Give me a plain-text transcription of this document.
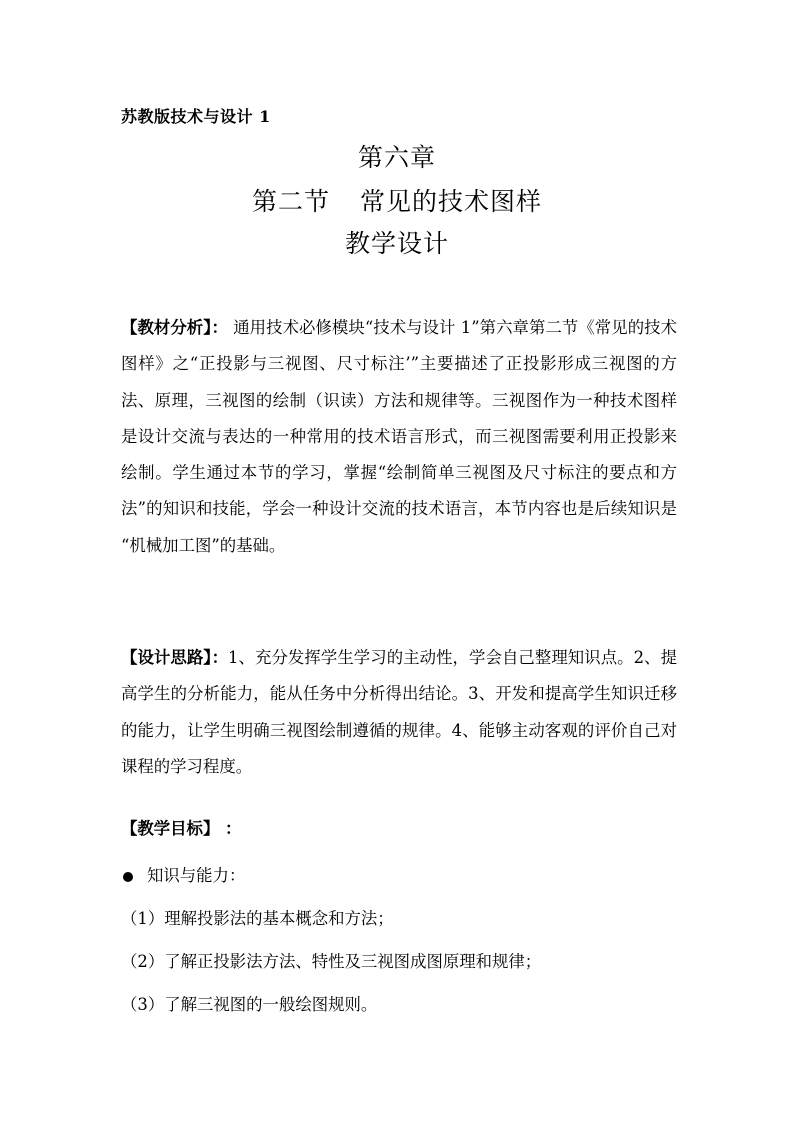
苏教版技术与设计 1
第六章
第二节 常见的技术图样
教学设计
【教材分析】： 通用技术必修模块“技术与设计 1”第六章第二节《常见的技术图样》之“正投影与三视图、尺寸标注’”主要描述了正投影形成三视图的方法、原理，三视图的绘制（识读）方法和规律等。三视图作为一种技术图样是设计交流与表达的一种常用的技术语言形式，而三视图需要利用正投影来绘制。学生通过本节的学习，掌握“绘制简单三视图及尺寸标注的要点和方法”的知识和技能，学会一种设计交流的技术语言，本节内容也是后续知识是 “机械加工图”的基础。
【设计思路】：1、充分发挥学生学习的主动性，学会自己整理知识点。2、提高学生的分析能力，能从任务中分析得出结论。3、开发和提高学生知识迁移的能力，让学生明确三视图绘制遵循的规律。4、能够主动客观的评价自己对课程的学习程度。
【教学目标】 ：
知识与能力：
（1）理解投影法的基本概念和方法；
（2）了解正投影法方法、特性及三视图成图原理和规律；
（3）了解三视图的一般绘图规则。
